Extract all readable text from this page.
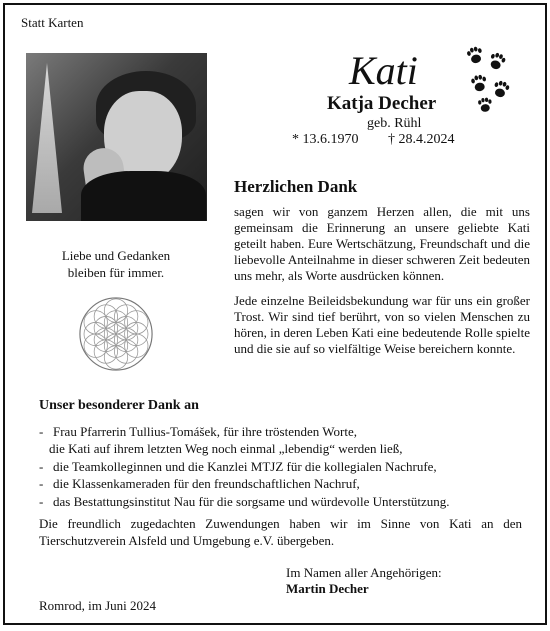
Statt Karten
Kati
Katja Decher
geb. Rühl
* 13.6.1970 † 28.4.2024
Liebe und Gedanken
bleiben für immer.
Herzlichen Dank
sagen wir von ganzem Herzen allen, die mit uns gemeinsam die Erinnerung an unsere geliebte Kati geteilt haben. Eure Wertschätzung, Freundschaft und die liebevolle Anteilnahme in dieser schweren Zeit bedeuten uns mehr, als Worte ausdrücken können.
Jede einzelne Beileidsbekundung war für uns ein großer Trost. Wir sind tief berührt, von so vielen Menschen zu hören, in deren Leben Kati eine bedeutende Rolle spielte und die sie auf so vielfältige Weise bereichern konnte.
Unser besonderer Dank an
- Frau Pfarrerin Tullius-Tomášek, für ihre tröstenden Worte,
die Kati auf ihrem letzten Weg noch einmal „lebendig“ werden ließ,
- die Teamkolleginnen und die Kanzlei MTJZ für die kollegialen Nachrufe,
- die Klassenkameraden für den freundschaftlichen Nachruf,
- das Bestattungsinstitut Nau für die sorgsame und würdevolle Unterstützung.
Die freundlich zugedachten Zuwendungen haben wir im Sinne von Kati an den Tierschutzverein Alsfeld und Umgebung e.V. übergeben.
Im Namen aller Angehörigen:
Martin Decher
Romrod, im Juni 2024
